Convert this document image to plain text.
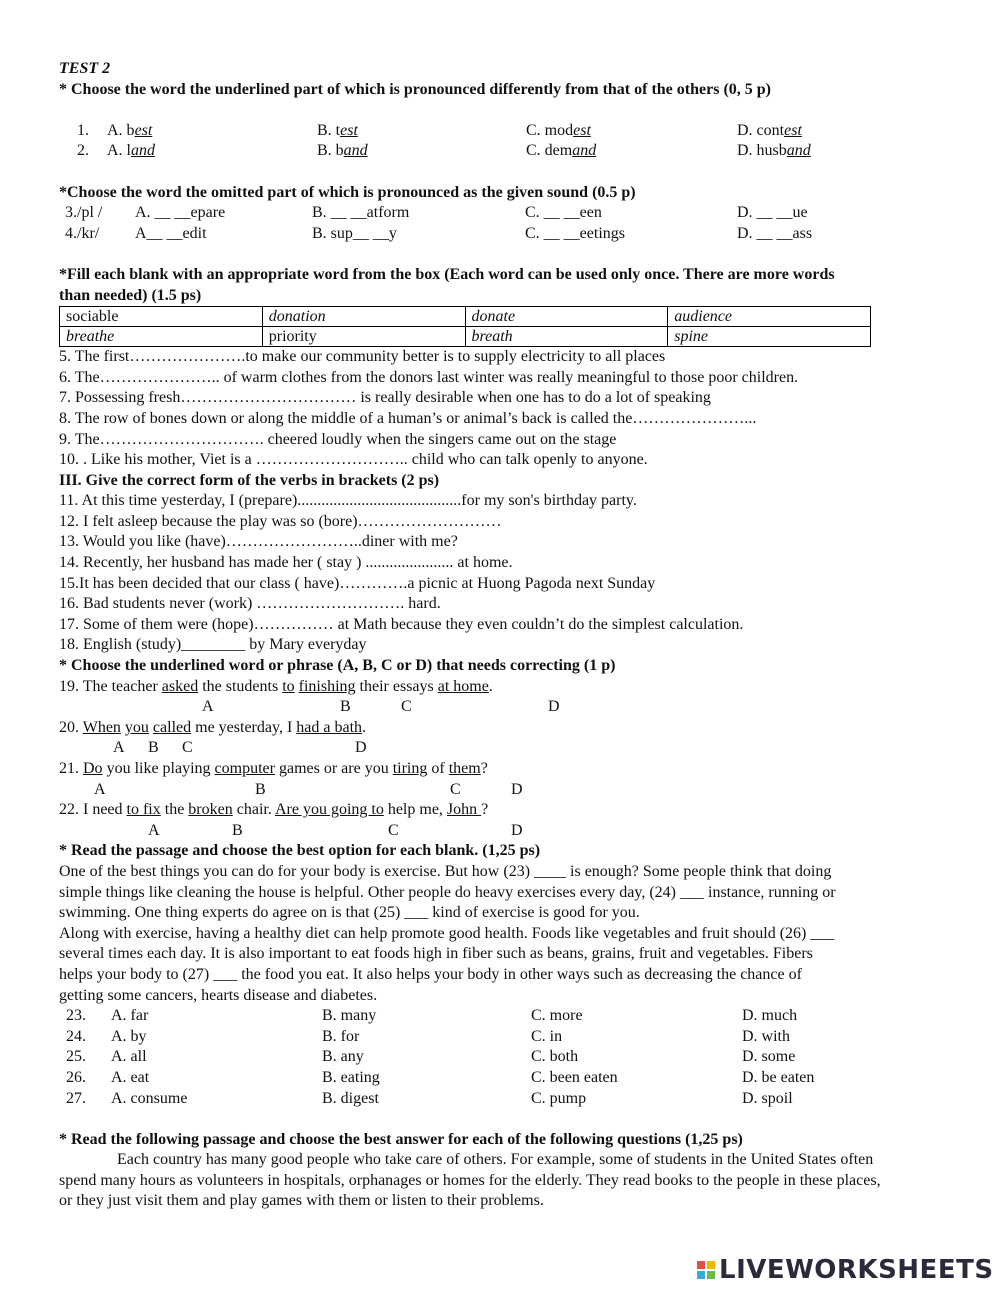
TEST 2
* Choose the word the underlined part of which is pronounced differently from that of the others (0, 5 p)
1. A. best	B. test	C. modest	D. contest
2. A. land	B. band	C. demand	D. husband
*Choose the word the omitted part of which is pronounced as the given sound (0.5 p)
3./pl / A. __ __epare	B. __ __atform	C. __ __een	D. __ __ue
4./kr/ A__ __edit	B. sup__ __y	C. __ __eetings	D. __ __ass
*Fill each blank with an appropriate word from the box (Each word can be used only once. There are more words
than needed) (1.5 ps)
sociable	donation	donate	audience
breathe	priority	breath	spine
5. The first………………….to make our community better is to supply electricity to all places
6. The………………….. of warm clothes from the donors last winter was really meaningful to those poor children.
7. Possessing fresh…………………………… is really desirable when one has to do a lot of speaking
8. The row of bones down or along the middle of a human’s or animal’s back is called the…………………...
9. The…………………………. cheered loudly when the singers came out on the stage
10. . Like his mother, Viet is a ……………………….. child who can talk openly to anyone.
III. Give the correct form of the verbs in brackets (2 ps)
11. At this time yesterday, I (prepare).........................................for my son's birthday party.
12. I felt asleep because the play was so (bore)………………………
13. Would you like (have)……………………..diner with me?
14. Recently, her husband has made her ( stay ) ...................... at home.
15.It has been decided that our class ( have)………….a picnic at Huong Pagoda next Sunday
16. Bad students never (work) ………………………. hard.
17. Some of them were (hope)…………… at Math because they even couldn’t do the simplest calculation.
18. English (study)________ by Mary everyday
* Choose the underlined word or phrase (A, B, C or D) that needs correcting (1 p)
19. The teacher asked the students to finishing their essays at home.
A	B	C	D
20. When you called me yesterday, I had a bath.
A B C	D
21. Do you like playing computer games or are you tiring of them?
A	B	C	D
22. I need to fix the broken chair. Are you going to help me, John ?
A	B	C	D
* Read the passage and choose the best option for each blank. (1,25 ps)
One of the best things you can do for your body is exercise. But how (23) ____ is enough? Some people think that doing
simple things like cleaning the house is helpful. Other people do heavy exercises every day, (24) ___ instance, running or
swimming. One thing experts do agree on is that (25) ___ kind of exercise is good for you.
Along with exercise, having a healthy diet can help promote good health. Foods like vegetables and fruit should (26) ___
several times each day. It is also important to eat foods high in fiber such as beans, grains, fruit and vegetables. Fibers
helps your body to (27) ___ the food you eat. It also helps your body in other ways such as decreasing the chance of
getting some cancers, hearts disease and diabetes.
23. A. far	B. many	C. more	D. much
24. A. by	B. for	C. in	D. with
25. A. all	B. any	C. both	D. some
26. A. eat	B. eating	C. been eaten	D. be eaten
27. A. consume	B. digest	C. pump	D. spoil
* Read the following passage and choose the best answer for each of the following questions (1,25 ps)
Each country has many good people who take care of others. For example, some of students in the United States often
spend many hours as volunteers in hospitals, orphanages or homes for the elderly. They read books to the people in these places,
or they just visit them and play games with them or listen to their problems.
LIVEWORKSHEETS
